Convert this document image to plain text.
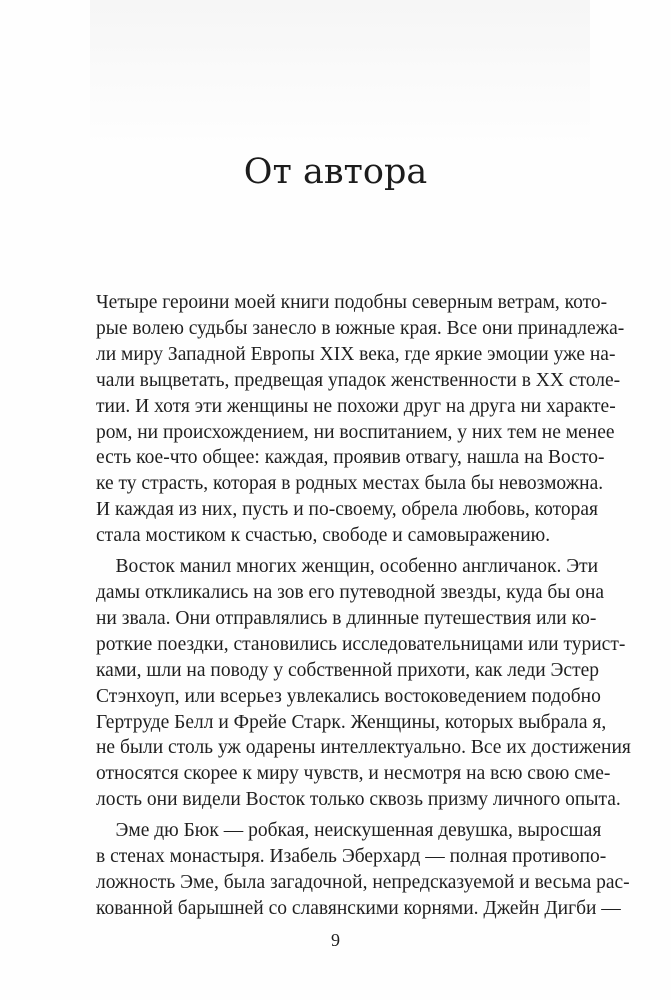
От автора
Четыре героини моей книги подобны северным ветрам, кото-
рые волею судьбы занесло в южные края. Все они принадлежа-
ли миру Западной Европы XIX века, где яркие эмоции уже на-
чали выцветать, предвещая упадок женственности в XX столе-
тии. И хотя эти женщины не похожи друг на друга ни характе-
ром, ни происхождением, ни воспитанием, у них тем не менее
есть кое-что общее: каждая, проявив отвагу, нашла на Восто-
ке ту страсть, которая в родных местах была бы невозможна.
И каждая из них, пусть и по-своему, обрела любовь, которая
стала мостиком к счастью, свободе и самовыражению.
Восток манил многих женщин, особенно англичанок. Эти
дамы откликались на зов его путеводной звезды, куда бы она
ни звала. Они отправлялись в длинные путешествия или ко-
роткие поездки, становились исследовательницами или турист-
ками, шли на поводу у собственной прихоти, как леди Эстер
Стэнхоуп, или всерьез увлекались востоковедением подобно
Гертруде Белл и Фрейе Старк. Женщины, которых выбрала я,
не были столь уж одарены интеллектуально. Все их достижения
относятся скорее к миру чувств, и несмотря на всю свою сме-
лость они видели Восток только сквозь призму личного опыта.
Эме дю Бюк — робкая, неискушенная девушка, выросшая
в стенах монастыря. Изабель Эберхард — полная противопо-
ложность Эме, была загадочной, непредсказуемой и весьма рас-
кованной барышней со славянскими корнями. Джейн Дигби —
9
